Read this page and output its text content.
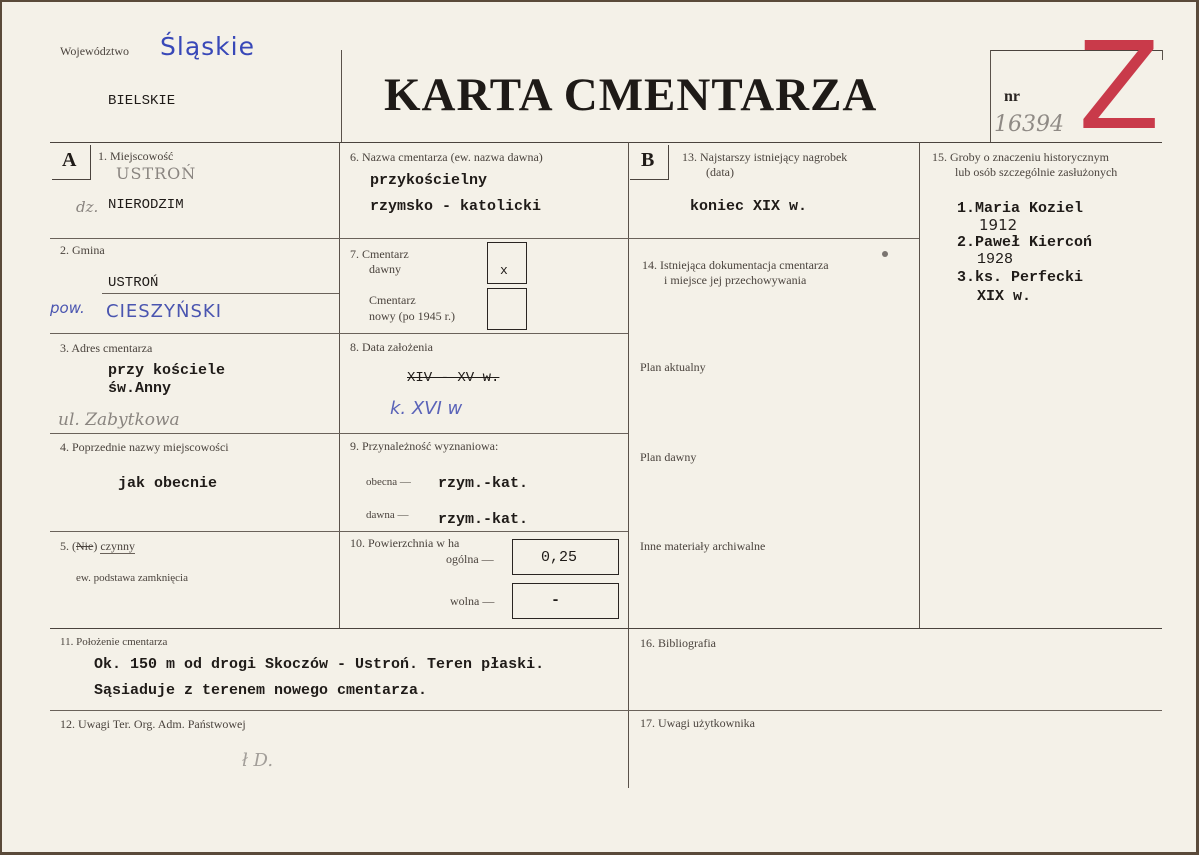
Województwo Śląskie
BIELSKIE	KARTA CMENTARZA	nr
16394 Z
A 1. Miejscowość
USTROŃ
dz. NIERODZIM
2. Gmina
USTROŃ
pow. CIESZYŃSKI
3. Adres cmentarza
przy kościele
św.Anny
ul. Zabytkowa
4. Poprzednie nazwy miejscowości
jak obecnie
5. (Nie) czynny
ew. podstawa zamknięcia
6. Nazwa cmentarza (ew. nazwa dawna)
przykościelny
rzymsko - katolicki
7. Cmentarz
dawny	x
Cmentarz
nowy (po 1945 r.)
8. Data założenia
XIV - XV w.
k. XVI w
9. Przynależność wyznaniowa:
obecna — rzym.-kat.
dawna — rzym.-kat.
10. Powierzchnia w ha
ogólna —	0,25
wolna —	-
B 13. Najstarszy istniejący nagrobek
(data)
koniec XIX w.
14. Istniejąca dokumentacja cmentarza
i miejsce jej przechowywania
Plan aktualny
Plan dawny
Inne materiały archiwalne
15. Groby o znaczeniu historycznym
lub osób szczególnie zasłużonych
1.Maria Koziel
1912
2.Paweł Kiercoń
1928
3.ks. Perfecki
XIX w.
11. Położenie cmentarza
Ok. 150 m od drogi Skoczów - Ustroń. Teren płaski.
Sąsiaduje z terenem nowego cmentarza.
12. Uwagi Ter. Org. Adm. Państwowej
ł D.
16. Bibliografia
17. Uwagi użytkownika
